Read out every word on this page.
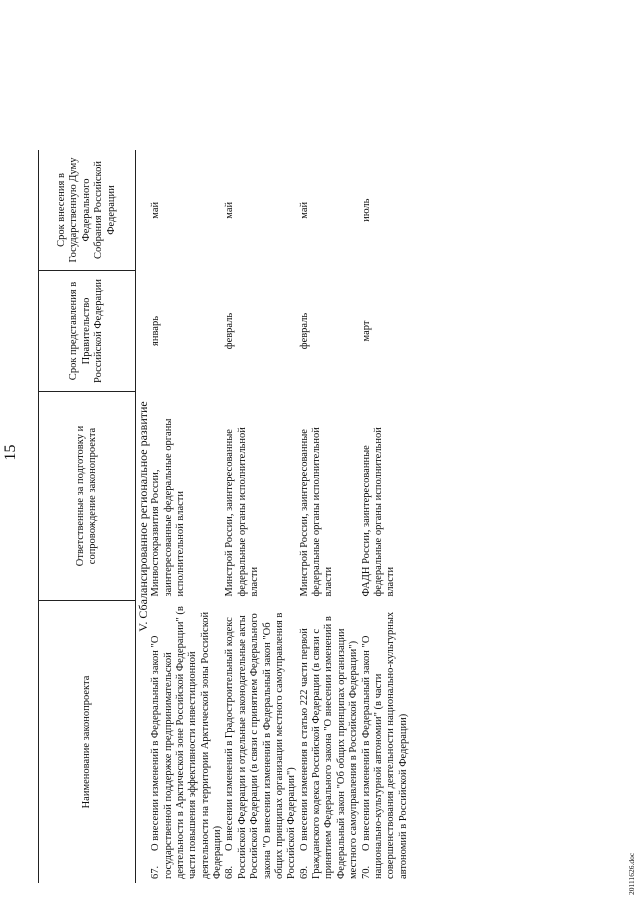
15
Наименование законопроекта	Ответственные за подготовку и сопровождение законопроекта	Срок представления в Правительство Российской Федерации	Срок внесения в Государственную Думу Федерального Собрания Российской Федерации
V. Сбалансированное региональное развитие			
67.О внесении изменений в Федеральный закон "О государственной поддержке предпринимательской деятельности в Арктической зоне Российской Федерации" (в части повышения эффективности инвестиционной деятельности на территории Арктической зоны Российской Федерации)	Минвостокразвития России, заинтересованные федеральные органы исполнительной власти	январь	май
68.О внесении изменений в Градостроительный кодекс Российской Федерации и отдельные законодательные акты Российской Федерации (в связи с принятием Федерального закона "О внесении изменений в Федеральный закон "Об общих принципах организации местного самоуправления в Российской Федерации")	Минстрой России, заинтересованные федеральные органы исполнительной власти	февраль	май
69.О внесении изменения в статью 222 части первой Гражданского кодекса Российской Федерации (в связи с принятием Федерального закона "О внесении изменений в Федеральный закон "Об общих принципах организации местного самоуправления в Российской Федерации")	Минстрой России, заинтересованные федеральные органы исполнительной власти	февраль	май
70.О внесении изменений в Федеральный закон "О национально-культурной автономии" (в части совершенствования деятельности национально-культурных автономий в Российской Федерации)	ФАДН России, заинтересованные федеральные органы исполнительной власти	март	июль
20111626.doc
